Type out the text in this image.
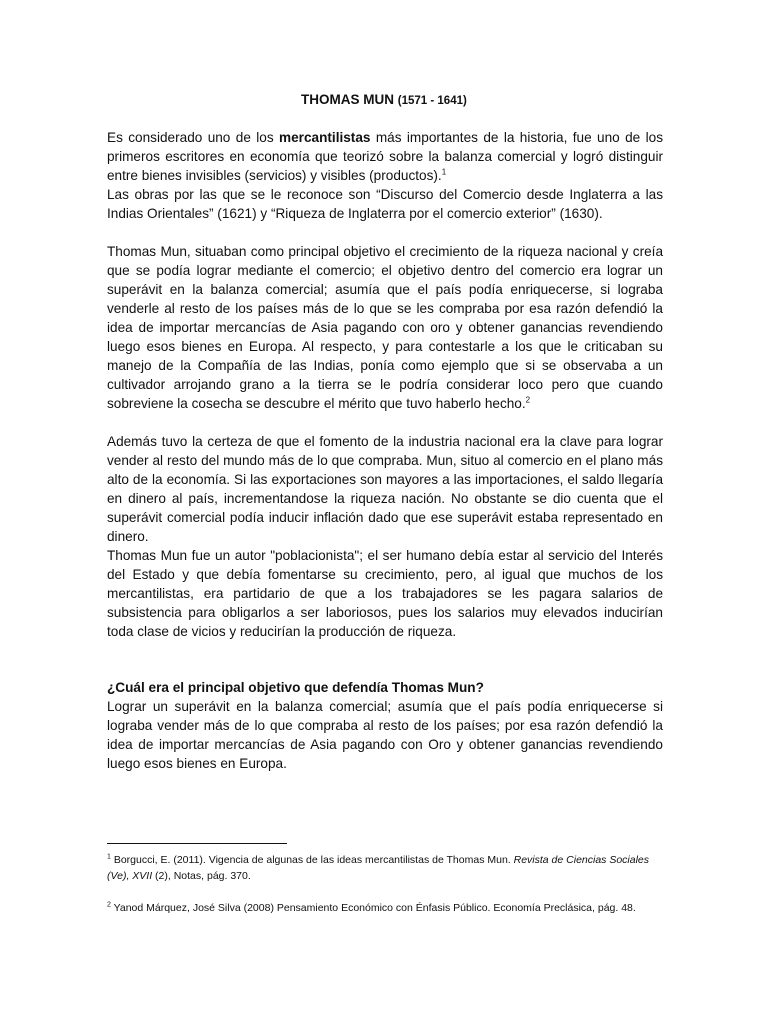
THOMAS MUN (1571 - 1641)

Es considerado uno de los mercantilistas más importantes de la historia, fue uno de los primeros escritores en economía que teorizó sobre la balanza comercial y logró distinguir entre bienes invisibles (servicios) y visibles (productos).$^1$

Las obras por las que se le reconoce son “Discurso del Comercio desde Inglaterra a las Indias Orientales” (1621) y “Riqueza de Inglaterra por el comercio exterior” (1630).

Thomas Mun, situaban como principal objetivo el crecimiento de la riqueza nacional y creía que se podía lograr mediante el comercio; el objetivo dentro del comercio era lograr un superávit en la balanza comercial; asumía que el país podía enriquecerse, si lograba venderle al resto de los países más de lo que se les compraba por esa razón defendió la idea de importar mercancías de Asia pagando con oro y obtener ganancias revendiendo luego esos bienes en Europa. Al respecto, y para contestarle a los que le criticaban su manejo de la Compañía de las Indias, ponía como ejemplo que si se observaba a un cultivador arrojando grano a la tierra se le podría considerar loco pero que cuando sobreviene la cosecha se descubre el mérito que tuvo haberlo hecho.$^2$

Además tuvo la certeza de que el fomento de la industria nacional era la clave para lograr vender al resto del mundo más de lo que compraba. Mun, situo al comercio en el plano más alto de la economía. Si las exportaciones son mayores a las importaciones, el saldo llegaría en dinero al país, incrementandose la riqueza nación. No obstante se dio cuenta que el superávit comercial podía inducir inflación dado que ese superávit estaba representado en dinero.

Thomas Mun fue un autor "poblacionista"; el ser humano debía estar al servicio del Interés del Estado y que debía fomentarse su crecimiento, pero, al igual que muchos de los mercantilistas, era partidario de que a los trabajadores se les pagara salarios de subsistencia para obligarlos a ser laboriosos, pues los salarios muy elevados inducirían toda clase de vicios y reducirían la producción de riqueza.

¿Cuál era el principal objetivo que defendía Thomas Mun?

Lograr un superávit en la balanza comercial; asumía que el país podía enriquecerse si lograba vender más de lo que compraba al resto de los países; por esa razón defendió la idea de importar mercancías de Asia pagando con Oro y obtener ganancias revendiendo luego esos bienes en Europa.

$^1$ Borgucci, E. (2011). Vigencia de algunas de las ideas mercantilistas de Thomas Mun. Revista de Ciencias Sociales (Ve), XVII (2), Notas, pág. 370.

$^2$ Yanod Márquez, José Silva (2008) Pensamiento Económico con Énfasis Público. Economía Preclásica, pág. 48.
